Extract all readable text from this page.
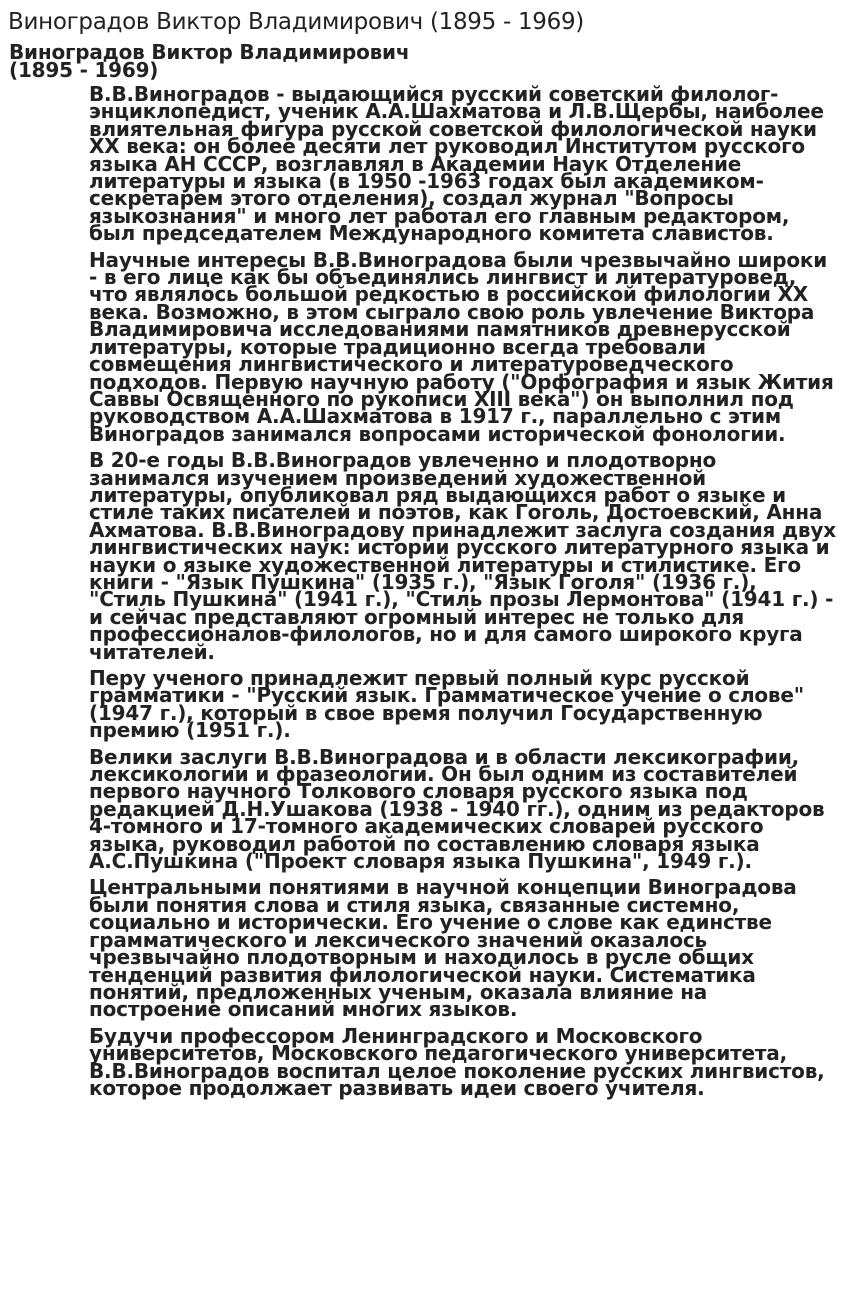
Виноградов Виктор Владимирович (1895 - 1969)
Виноградов Виктор Владимирович
(1895 - 1969)

В.В.Виноградов - выдающийся русский советский филолог-энциклопедист, ученик А.А.Шахматова и Л.В.Щербы, наиболее влиятельная фигура русской советской филологической науки XX века: он более десяти лет руководил Институтом русского языка АН СССР, возглавлял в Академии Наук Отделение литературы и языка (в 1950 -1963 годах был академиком-секретарем этого отделения), создал журнал "Вопросы языкознания" и много лет работал его главным редактором, был председателем Международного комитета славистов.

Научные интересы В.В.Виноградова были чрезвычайно широки - в его лице как бы объединялись лингвист и литературовед, что являлось большой редкостью в российской филологии XX века. Возможно, в этом сыграло свою роль увлечение Виктора Владимировича исследованиями памятников древнерусской литературы, которые традиционно всегда требовали совмещения лингвистического и литературоведческого подходов. Первую научную работу ("Орфография и язык Жития Саввы Освященного по рукописи XIII века") он выполнил под руководством А.А.Шахматова в 1917 г., параллельно с этим Виноградов занимался вопросами исторической фонологии.

В 20-е годы В.В.Виноградов увлеченно и плодотворно занимался изучением произведений художественной литературы, опубликовал ряд выдающихся работ о языке и стиле таких писателей и поэтов, как Гоголь, Достоевский, Анна Ахматова. В.В.Виноградову принадлежит заслуга создания двух лингвистических наук: истории русского литературного языка и науки о языке художественной литературы и стилистике. Его книги - "Язык Пушкина" (1935 г.), "Язык Гоголя" (1936 г.), "Стиль Пушкина" (1941 г.), "Стиль прозы Лермонтова" (1941 г.) - и сейчас представляют огромный интерес не только для профессионалов-филологов, но и для самого широкого круга читателей.

Перу ученого принадлежит первый полный курс русской грамматики - "Русский язык. Грамматическое учение о слове" (1947 г.), который в свое время получил Государственную премию (1951 г.).

Велики заслуги В.В.Виноградова и в области лексикографии, лексикологии и фразеологии. Он был одним из составителей первого научного Толкового словаря русского языка под редакцией Д.Н.Ушакова (1938 - 1940 гг.), одним из редакторов 4-томного и 17-томного академических словарей русского языка, руководил работой по составлению словаря языка А.С.Пушкина ("Проект словаря языка Пушкина", 1949 г.).

Центральными понятиями в научной концепции Виноградова были понятия слова и стиля языка, связанные системно, социально и исторически. Его учение о слове как единстве грамматического и лексического значений оказалось чрезвычайно плодотворным и находилось в русле общих тенденций развития филологической науки. Систематика понятий, предложенных ученым, оказала влияние на построение описаний многих языков.

Будучи профессором Ленинградского и Московского университетов, Московского педагогического университета, В.В.Виноградов воспитал целое поколение русских лингвистов, которое продолжает развивать идеи своего учителя.
